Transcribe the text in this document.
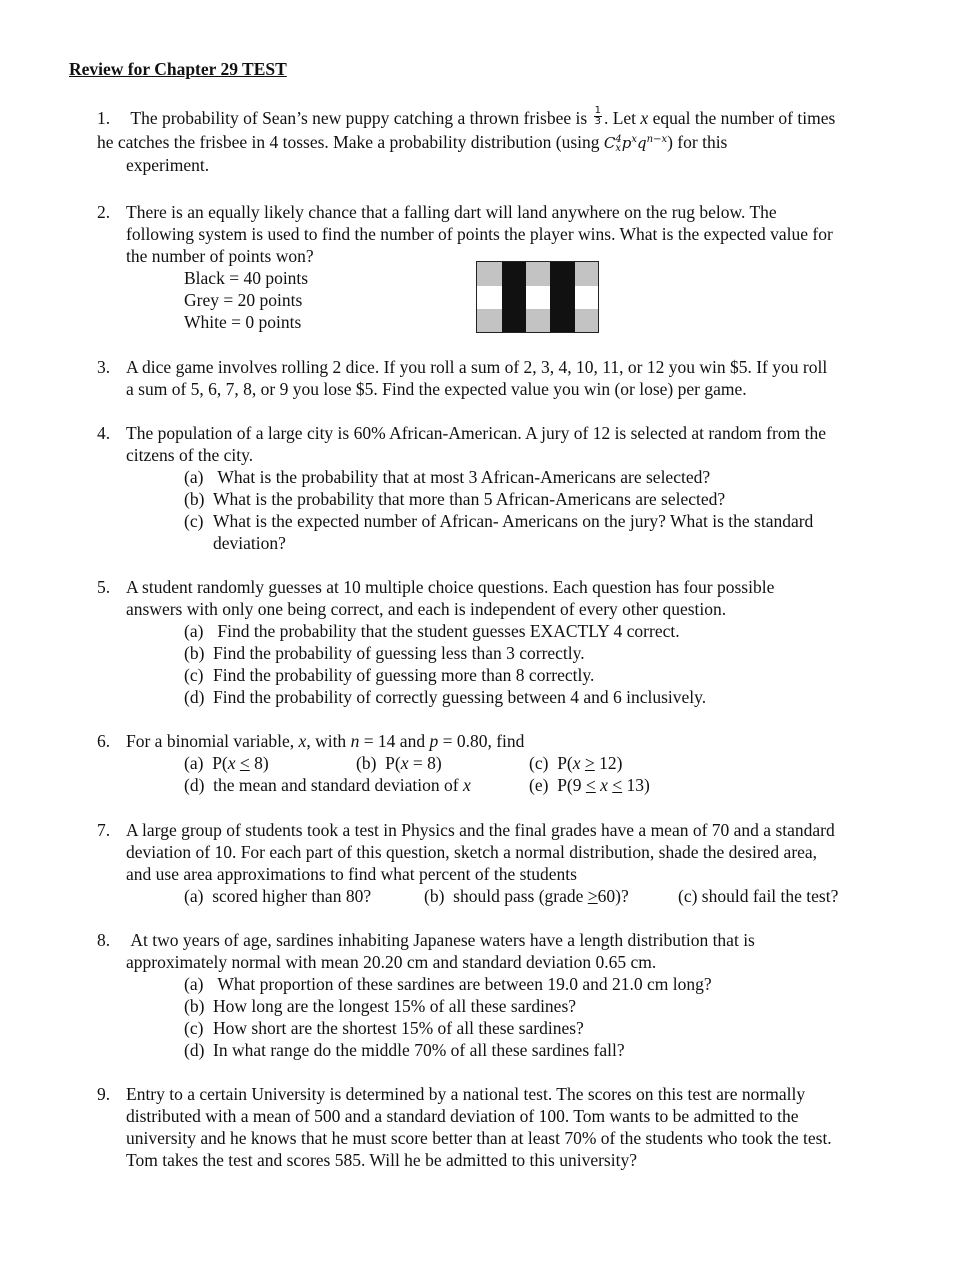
Review for Chapter 29 TEST
1.	The probability of Sean’s new puppy catching a thrown frisbee is $\frac{1}{3}$ . Let x equal the number of times
he catches the frisbee in 4 tosses. Make a probability distribution (using C 4
x $p^xq^{n-x}$) for this
experiment.
2. There is an equally likely chance that a falling dart will land anywhere on the rug below. The
following system is used to find the number of points the player wins. What is the expected value for
the number of points won?
Black = 40 points
Grey = 20 points
White = 0 points
3. A dice game involves rolling 2 dice. If you roll a sum of 2, 3, 4, 10, 11, or 12 you win $5. If you roll
a sum of 5, 6, 7, 8, or 9 you lose $5. Find the expected value you win (or lose) per game.
4. The population of a large city is 60% African-American. A jury of 12 is selected at random from the
citzens of the city.
(a) What is the probability that at most 3 African-Americans are selected?
(b) What is the probability that more than 5 African-Americans are selected?
(c) What is the expected number of African- Americans on the jury? What is the standard
deviation?
5. A student randomly guesses at 10 multiple choice questions. Each question has four possible
answers with only one being correct, and each is independent of every other question.
(a) Find the probability that the student guesses EXACTLY 4 correct.
(b) Find the probability of guessing less than 3 correctly.
(c) Find the probability of guessing more than 8 correctly.
(d) Find the probability of correctly guessing between 4 and 6 inclusively.
6. For a binomial variable, x, with n = 14 and p = 0.80, find
(a) P(x < 8)	(b) P(x = 8)	(c) P(x > 12)
(d) the mean and standard deviation of x	(e) P(9 < x < 13)
7. A large group of students took a test in Physics and the final grades have a mean of 70 and a standard
deviation of 10. For each part of this question, sketch a normal distribution, shade the desired area,
and use area approximations to find what percent of the students
(a) scored higher than 80?	(b) should pass (grade >60)?	(c) should fail the test?
8.	At two years of age, sardines inhabiting Japanese waters have a length distribution that is
approximately normal with mean 20.20 cm and standard deviation 0.65 cm.
(a) What proportion of these sardines are between 19.0 and 21.0 cm long?
(b) How long are the longest 15% of all these sardines?
(c) How short are the shortest 15% of all these sardines?
(d) In what range do the middle 70% of all these sardines fall?
9. Entry to a certain University is determined by a national test. The scores on this test are normally
distributed with a mean of 500 and a standard deviation of 100. Tom wants to be admitted to the
university and he knows that he must score better than at least 70% of the students who took the test.
Tom takes the test and scores 585. Will he be admitted to this university?
